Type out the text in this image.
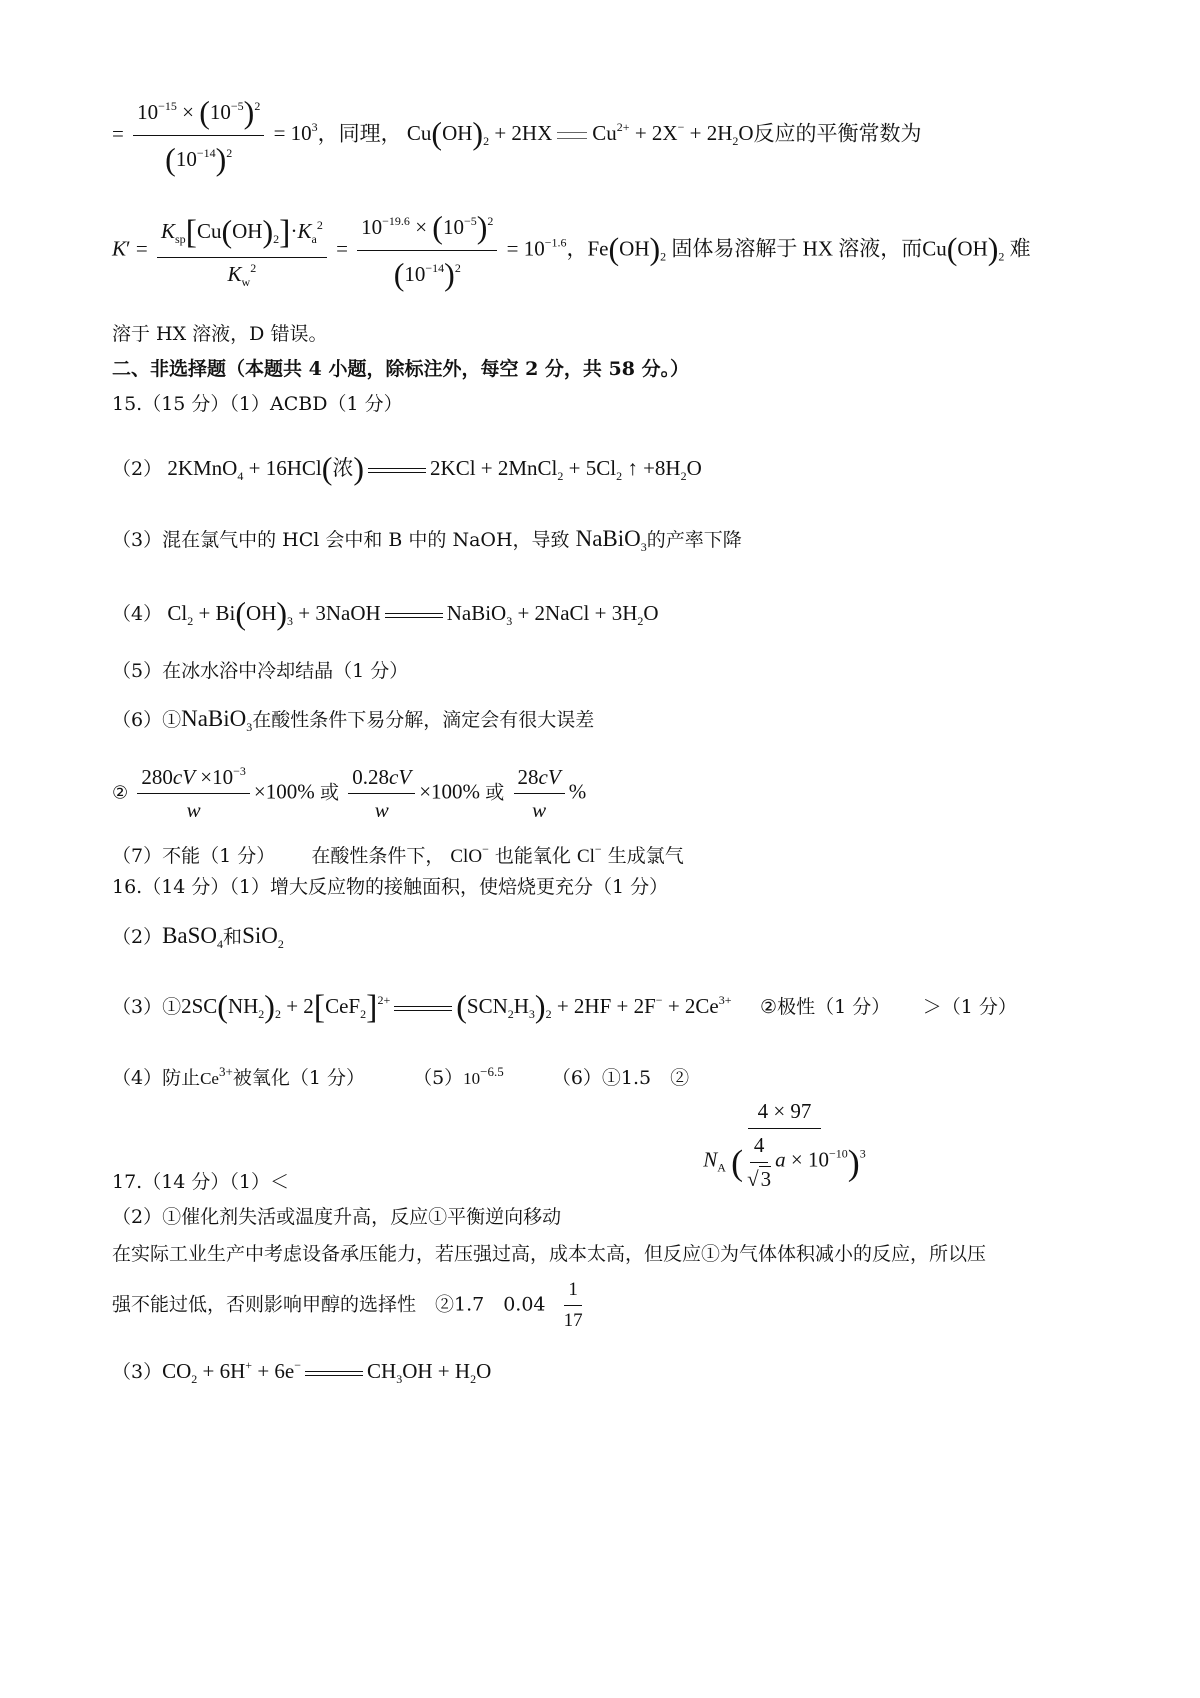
= $\frac{10^{-15} \times (10^{-5})^2}{(10^{-14})^2} = 10^3$，同理， $Cu(OH)_2 + 2HX$ $Cu^{2+} + 2X^- + 2H_2O$反应的平衡常数为
$K' = \frac{K_{sp}[Cu(OH)_2]\cdot K_a^2}{K_w^2} = \frac{10^{-19.6} \times (10^{-5})^2}{(10^{-14})^2} = 10^{-1.6}$，$Fe(OH)_2$ 固体易溶解于 HX 溶液，而$Cu(OH)_2$ 难
溶于 HX 溶液，D 错误。
二、非选择题（本题共 4 小题，除标注外，每空 2 分，共 58 分。）
15.（15 分）（1）ACBD（1 分）
（2） 2KMnO$_4$ + 16HCl(浓)	2KCl + 2MnCl$_2$ + $5Cl_2$ ↑ $+8H_2O$
（3）混在氯气中的 HCl 会中和 B 中的 NaOH，导致 NaBiO$_3$的产率下降
（4） $Cl_2 + Bi(OH)_3$ + 3NaOH	NaBiO$_3$ + 2NaCl + $3H_2O$
（5）在冰水浴中冷却结晶（1 分）
（6）①NaBiO$_3$在酸性条件下易分解，滴定会有很大误差
② $\frac{280cV \times 10^{-3}}{w} \times 100\%$ 或 $\frac{0.28cV}{w} \times 100\%$ 或 $\frac{28cV}{w}$ %
（7）不能（1 分） 在酸性条件下， ClO− 也能氧化 Cl− 生成氯气
16.（14 分）（1）增大反应物的接触面积，使焙烧更充分（1 分）
（2）BaSO$_4$和SiO$_2$
$(3)①2SC(NH_2)_2 + 2[CeF_2]^{2+}$ $(SCN_2H_3)_2 + 2HF + 2F^- + 2Ce^{3+}$ ②极性（1 分） ＞（1 分）
（4）防止$Ce^{3+}$被氧化（1 分）	$(5)10^{-6.5}$	（6）①1.5　②
$\frac{4 \times 97}{N_A ( \frac{4}{√3} a \times 10^{-10})^3}$
17.（14 分）（1）＜
（2）①催化剂失活或温度升高，反应①平衡逆向移动
在实际工业生产中考虑设备承压能力，若压强过高，成本太高，但反应①为气体体积减小的反应，所以压
强不能过低，否则影响甲醇的选择性　②1.7　$0.04 \frac{1}{17}$
$(3)CO_2 + 6H^+ + 6e^-$	$CH_3OH + H_2O$
